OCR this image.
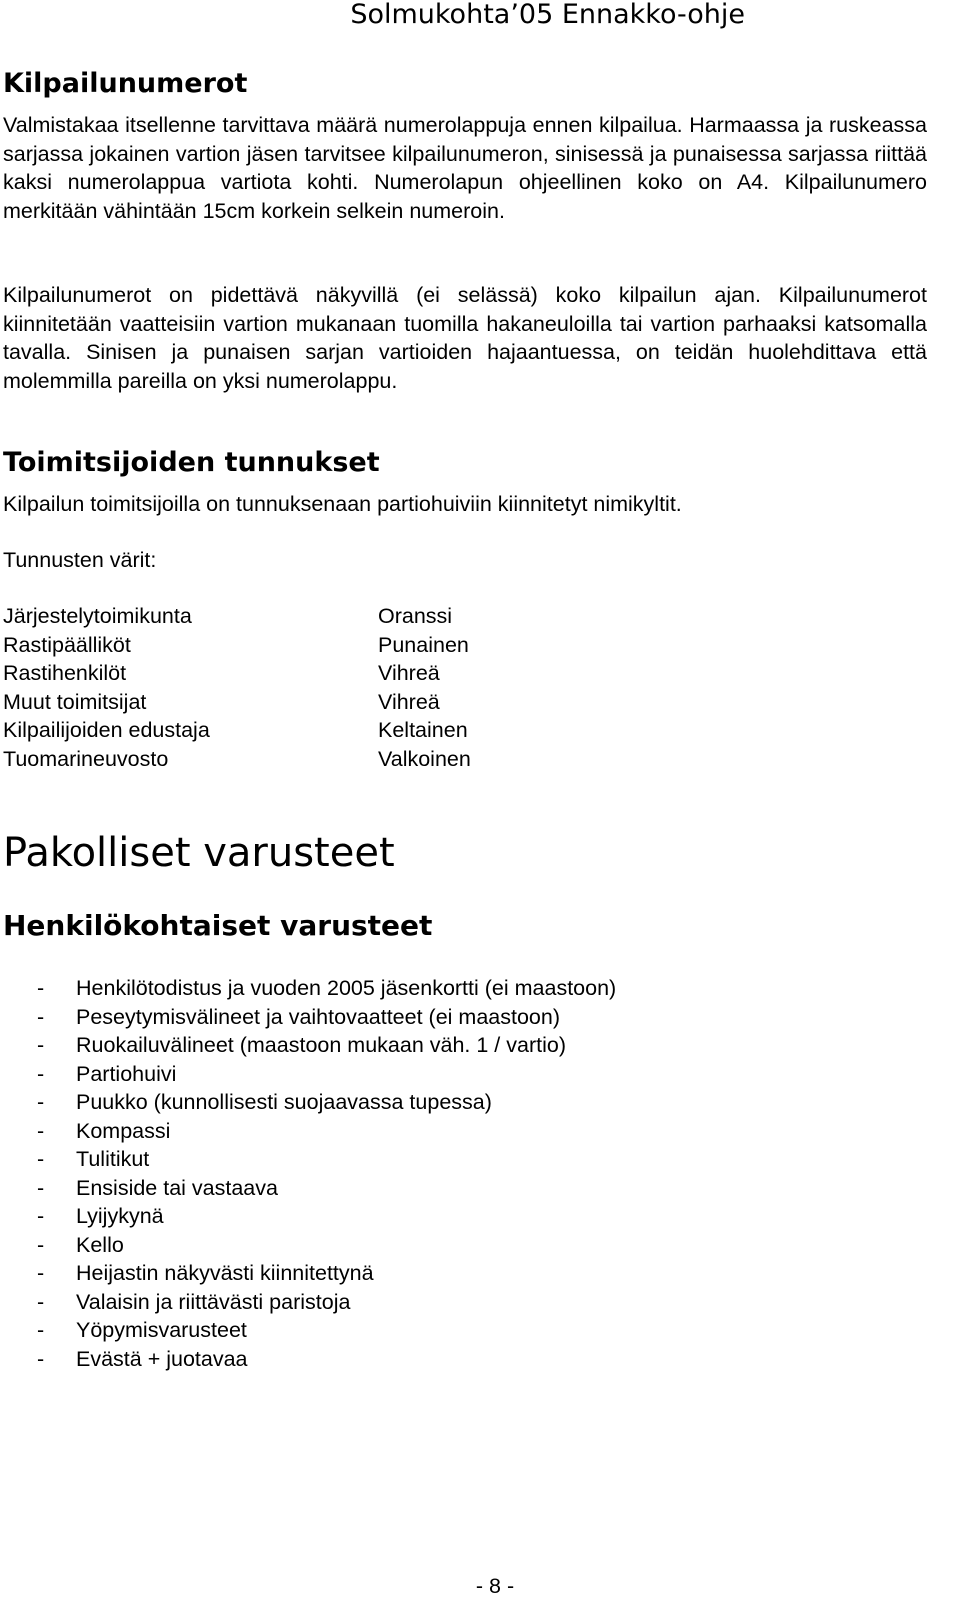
Solmukohta’05 Ennakko-ohje
Kilpailunumerot

Valmistakaa itsellenne tarvittava määrä numerolappuja ennen kilpailua. Harmaassa ja ruskeassa sarjassa jokainen vartion jäsen tarvitsee kilpailunumeron, sinisessä ja punaisessa sarjassa riittää kaksi numerolappua vartiota kohti. Numerolapun ohjeellinen koko on A4. Kilpailunumero merkitään vähintään 15cm korkein selkein numeroin.

Kilpailunumerot on pidettävä näkyvillä (ei selässä) koko kilpailun ajan. Kilpailunumerot kiinnitetään vaatteisiin vartion mukanaan tuomilla hakaneuloilla tai vartion parhaaksi katsomalla tavalla. Sinisen ja punaisen sarjan vartioiden hajaantuessa, on teidän huolehdittava että molemmilla pareilla on yksi numerolappu.

Toimitsijoiden tunnukset

Kilpailun toimitsijoilla on tunnuksenaan partiohuiviin kiinnitetyt nimikyltit.

Tunnusten värit:

Järjestelytoimikunta	Oranssi
Rastipäälliköt	Punainen
Rastihenkilöt	Vihreä
Muut toimitsijat	Vihreä
Kilpailijoiden edustaja	Keltainen
Tuomarineuvosto	Valkoinen
Pakolliset varusteet
Henkilökohtaiset varusteet
-	Henkilötodistus ja vuoden 2005 jäsenkortti (ei maastoon)
-	Peseytymisvälineet ja vaihtovaatteet (ei maastoon)
-	Ruokailuvälineet (maastoon mukaan väh. 1 / vartio)
-	Partiohuivi
-	Puukko (kunnollisesti suojaavassa tupessa)
-	Kompassi
-	Tulitikut
-	Ensiside tai vastaava
-	Lyijykynä
-	Kello
-	Heijastin näkyvästi kiinnitettynä
-	Valaisin ja riittävästi paristoja
-	Yöpymisvarusteet
-	Evästä + juotavaa
- 8 -
